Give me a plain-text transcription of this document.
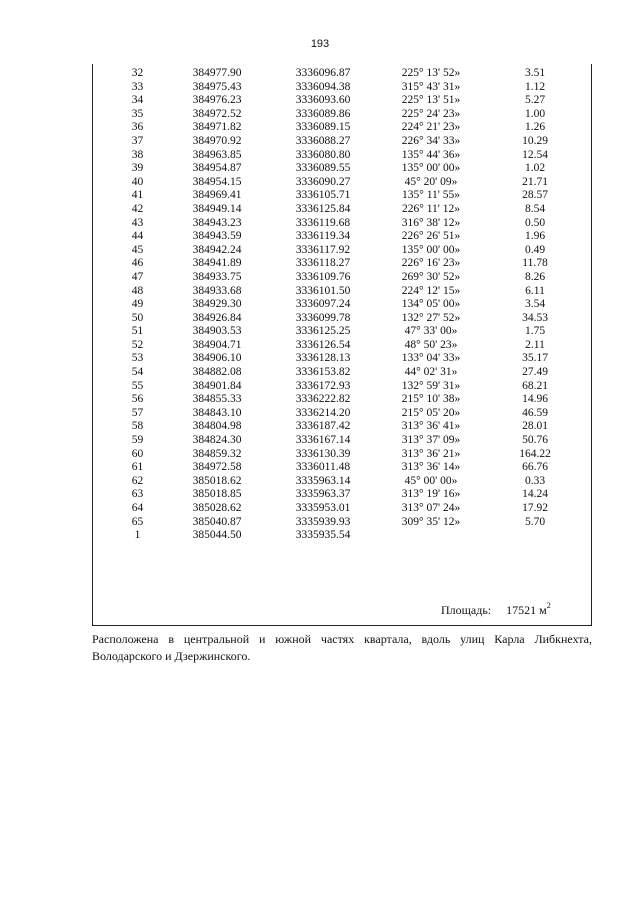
193
32	384977.90	3336096.87	225° 13' 52»	3.51
33	384975.43	3336094.38	315° 43' 31»	1.12
34	384976.23	3336093.60	225° 13' 51»	5.27
35	384972.52	3336089.86	225° 24' 23»	1.00
36	384971.82	3336089.15	224° 21' 23»	1.26
37	384970.92	3336088.27	226° 34' 33»	10.29
38	384963.85	3336080.80	135° 44' 36»	12.54
39	384954.87	3336089.55	135° 00' 00»	1.02
40	384954.15	3336090.27	45° 20' 09»	21.71
41	384969.41	3336105.71	135° 11' 55»	28.57
42	384949.14	3336125.84	226° 11' 12»	8.54
43	384943.23	3336119.68	316° 38' 12»	0.50
44	384943.59	3336119.34	226° 26' 51»	1.96
45	384942.24	3336117.92	135° 00' 00»	0.49
46	384941.89	3336118.27	226° 16' 23»	11.78
47	384933.75	3336109.76	269° 30' 52»	8.26
48	384933.68	3336101.50	224° 12' 15»	6.11
49	384929.30	3336097.24	134° 05' 00»	3.54
50	384926.84	3336099.78	132° 27' 52»	34.53
51	384903.53	3336125.25	47° 33' 00»	1.75
52	384904.71	3336126.54	48° 50' 23»	2.11
53	384906.10	3336128.13	133° 04' 33»	35.17
54	384882.08	3336153.82	44° 02' 31»	27.49
55	384901.84	3336172.93	132° 59' 31»	68.21
56	384855.33	3336222.82	215° 10' 38»	14.96
57	384843.10	3336214.20	215° 05' 20»	46.59
58	384804.98	3336187.42	313° 36' 41»	28.01
59	384824.30	3336167.14	313° 37' 09»	50.76
60	384859.32	3336130.39	313° 36' 21»	164.22
61	384972.58	3336011.48	313° 36' 14»	66.76
62	385018.62	3335963.14	45° 00' 00»	0.33
63	385018.85	3335963.37	313° 19' 16»	14.24
64	385028.62	3335953.01	313° 07' 24»	17.92
65	385040.87	3335939.93	309° 35' 12»	5.70
1	385044.50	3335935.54		
Площадь: 17521 $м^2$
Расположена в центральной и южной частях квартала, вдоль улиц Карла Либкнехта, Володарского и Дзержинского.
